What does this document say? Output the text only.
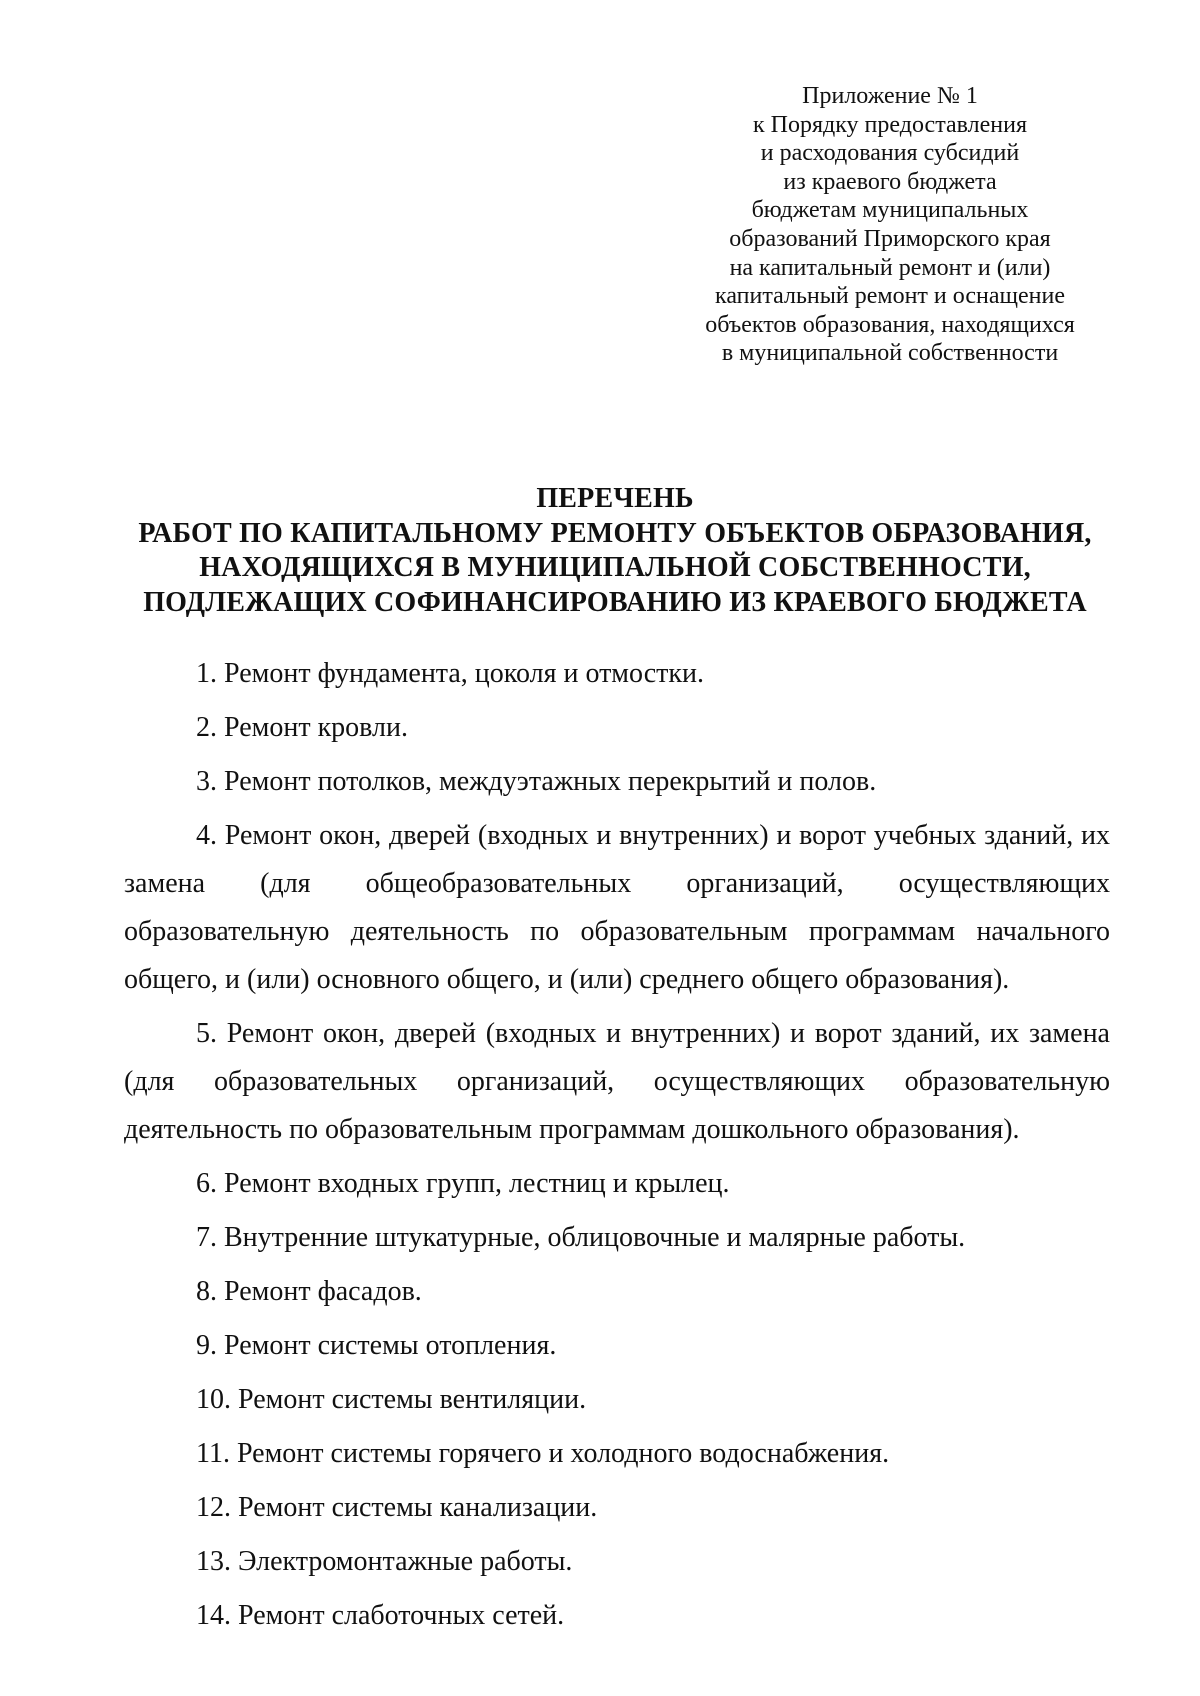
Приложение № 1
к Порядку предоставления
и расходования субсидий
из краевого бюджета
бюджетам муниципальных
образований Приморского края
на капитальный ремонт и (или)
капитальный ремонт и оснащение
объектов образования, находящихся
в муниципальной собственности
ПЕРЕЧЕНЬ
РАБОТ ПО КАПИТАЛЬНОМУ РЕМОНТУ ОБЪЕКТОВ ОБРАЗОВАНИЯ,
НАХОДЯЩИХСЯ В МУНИЦИПАЛЬНОЙ СОБСТВЕННОСТИ,
ПОДЛЕЖАЩИХ СОФИНАНСИРОВАНИЮ ИЗ КРАЕВОГО БЮДЖЕТА

1. Ремонт фундамента, цоколя и отмостки.

2. Ремонт кровли.

3. Ремонт потолков, междуэтажных перекрытий и полов.

4. Ремонт окон, дверей (входных и внутренних) и ворот учебных зданий, их замена (для общеобразовательных организаций, осуществляющих образовательную деятельность по образовательным программам начального общего, и (или) основного общего, и (или) среднего общего образования).

5. Ремонт окон, дверей (входных и внутренних) и ворот зданий, их замена (для образовательных организаций, осуществляющих образовательную деятельность по образовательным программам дошкольного образования).

6. Ремонт входных групп, лестниц и крылец.

7. Внутренние штукатурные, облицовочные и малярные работы.

8. Ремонт фасадов.

9. Ремонт системы отопления.

10. Ремонт системы вентиляции.

11. Ремонт системы горячего и холодного водоснабжения.

12. Ремонт системы канализации.

13. Электромонтажные работы.

14. Ремонт слаботочных сетей.
